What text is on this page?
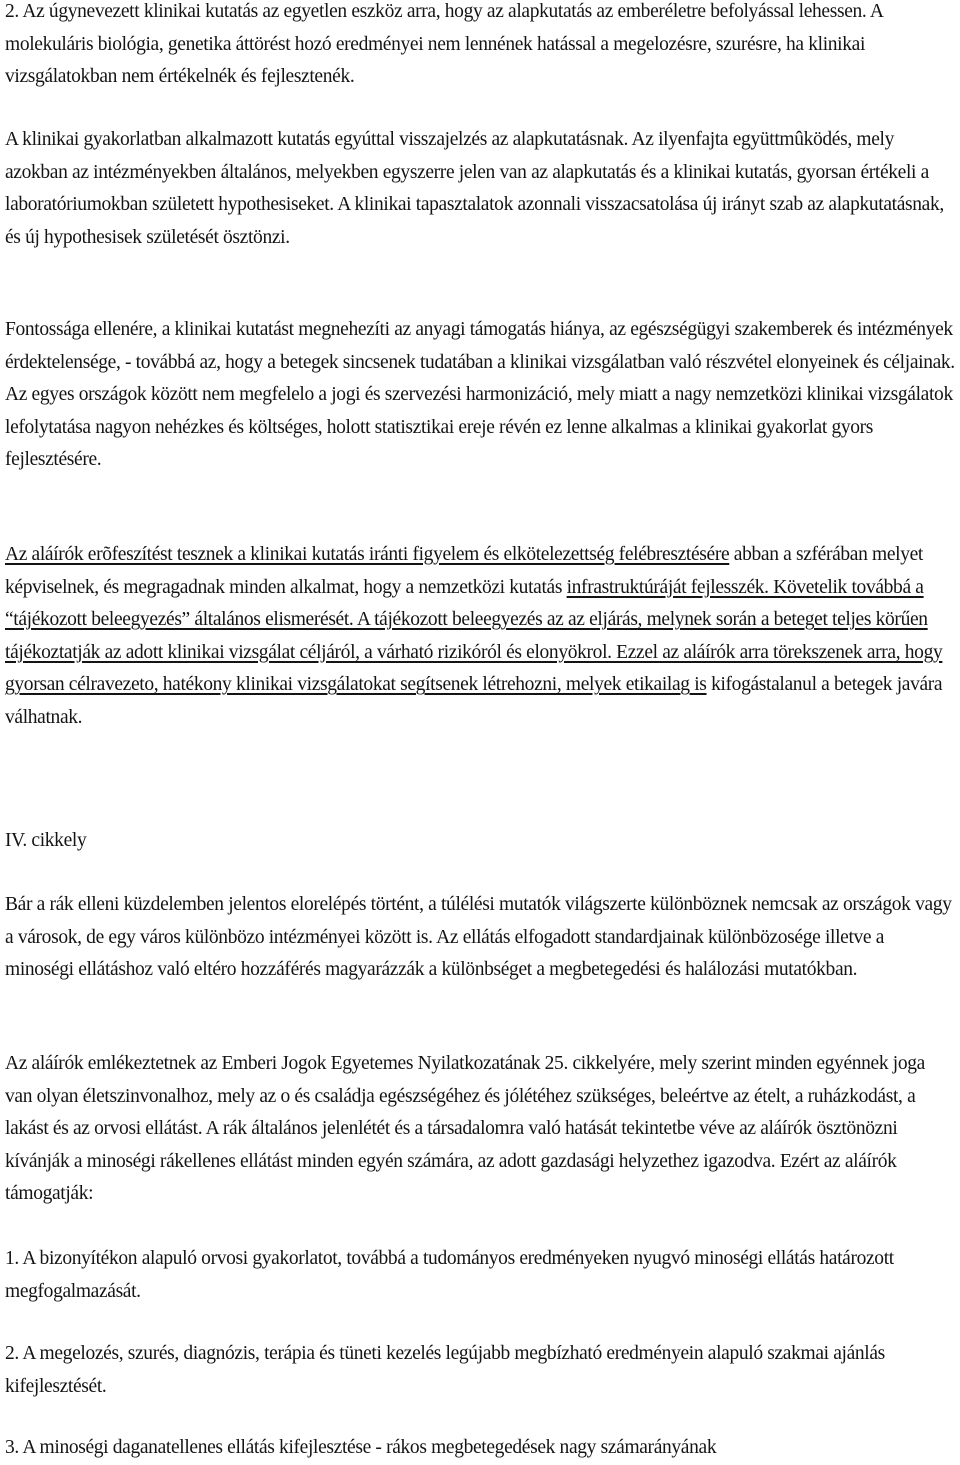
2. Az úgynevezett klinikai kutatás az egyetlen eszköz arra, hogy az alapkutatás az emberéletre befolyással lehessen. A molekuláris biológia, genetika áttörést hozó eredményei nem lennének hatással a megelozésre, szurésre, ha klinikai vizsgálatokban nem értékelnék és fejlesztenék.

A klinikai gyakorlatban alkalmazott kutatás egyúttal visszajelzés az alapkutatásnak. Az ilyenfajta együttmûködés, mely azokban az intézményekben általános, melyekben egyszerre jelen van az alapkutatás és a klinikai kutatás, gyorsan értékeli a laboratóriumokban született hypothesiseket. A klinikai tapasztalatok azonnali visszacsatolása új irányt szab az alapkutatásnak, és új hypothesisek születését ösztönzi.

Fontossága ellenére, a klinikai kutatást megnehezíti az anyagi támogatás hiánya, az egészségügyi szakemberek és intézmények érdektelensége, - továbbá az, hogy a betegek sincsenek tudatában a klinikai vizsgálatban való részvétel elonyeinek és céljainak. Az egyes országok között nem megfelelo a jogi és szervezési harmonizáció, mely miatt a nagy nemzetközi klinikai vizsgálatok lefolytatása nagyon nehézkes és költséges, holott statisztikai ereje révén ez lenne alkalmas a klinikai gyakorlat gyors fejlesztésére.

Az aláírók erõfeszítést tesznek a klinikai kutatás iránti figyelem és elkötelezettség felébresztésére abban a szférában melyet képviselnek, és megragadnak minden alkalmat, hogy a nemzetközi kutatás infrastruktúráját fejlesszék. Követelik továbbá a “tájékozott beleegyezés” általános elismerését. A tájékozott beleegyezés az az eljárás, melynek során a beteget teljes körűen tájékoztatják az adott klinikai vizsgálat céljáról, a várható rizikóról és elonyökrol. Ezzel az aláírók arra törekszenek arra, hogy gyorsan célravezeto, hatékony klinikai vizsgálatokat segítsenek létrehozni, melyek etikailag is kifogástalanul a betegek javára válhatnak.

IV. cikkely

Bár a rák elleni küzdelemben jelentos elorelépés történt, a túlélési mutatók világszerte különböznek nemcsak az országok vagy a városok, de egy város különbözo intézményei között is. Az ellátás elfogadott standardjainak különbözosége illetve a minoségi ellátáshoz való eltéro hozzáférés magyarázzák a különbséget a megbetegedési és halálozási mutatókban.

Az aláírók emlékeztetnek az Emberi Jogok Egyetemes Nyilatkozatának 25. cikkelyére, mely szerint minden egyénnek joga van olyan életszinvonalhoz, mely az o és családja egészségéhez és jólétéhez szükséges, beleértve az ételt, a ruházkodást, a lakást és az orvosi ellátást. A rák általános jelenlétét és a társadalomra való hatását tekintetbe véve az aláírók ösztönözni kívánják a minoségi rákellenes ellátást minden egyén számára, az adott gazdasági helyzethez igazodva. Ezért az aláírók támogatják:

1. A bizonyítékon alapuló orvosi gyakorlatot, továbbá a tudományos eredményeken nyugvó minoségi ellátás határozott megfogalmazását.

2. A megelozés, szurés, diagnózis, terápia és tüneti kezelés legújabb megbízható eredményein alapuló szakmai ajánlás kifejlesztését.

3. A minoségi daganatellenes ellátás kifejlesztése - rákos megbetegedések nagy számarányának
